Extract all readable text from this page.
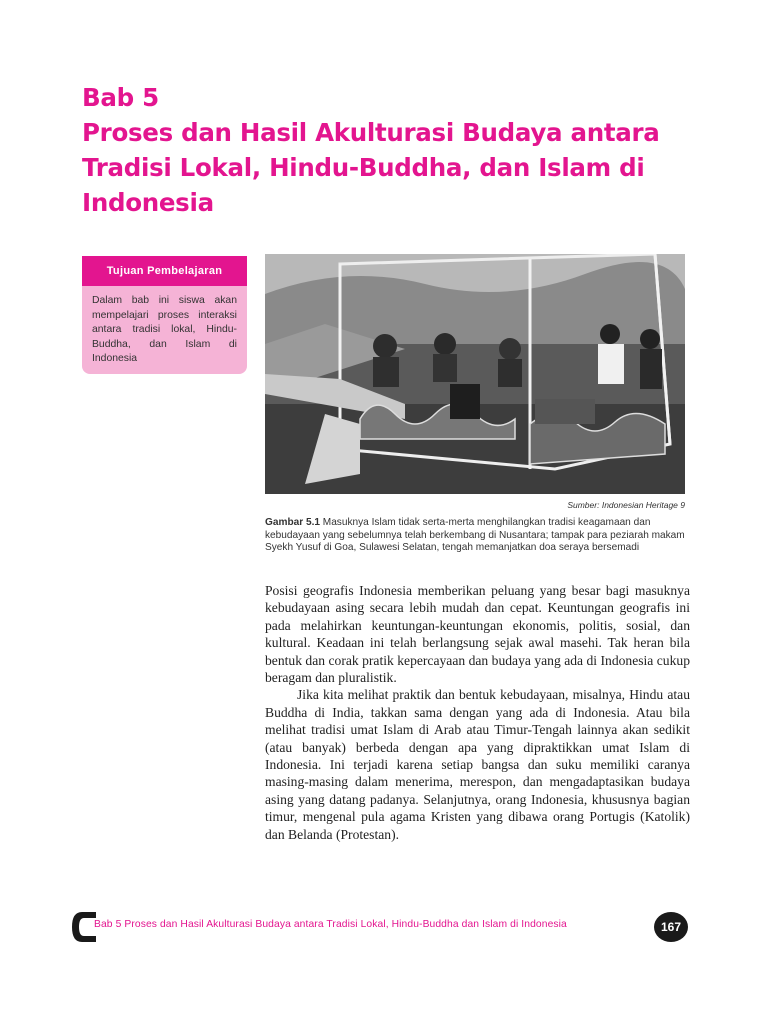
Bab 5
Proses dan Hasil Akulturasi Budaya antara
Tradisi Lokal, Hindu-Buddha, dan Islam di
Indonesia
Tujuan Pembelajaran
Dalam bab ini siswa akan mempelajari proses interaksi antara tradisi lokal, Hindu-Buddha, dan Islam di Indonesia
Sumber: Indonesian Heritage 9
Gambar 5.1 Masuknya Islam tidak serta-merta menghilangkan tradisi keagamaan dan kebudayaan yang sebelumnya telah berkembang di Nusantara; tampak para peziarah makam Syekh Yusuf di Goa, Sulawesi Selatan, tengah memanjatkan doa seraya bersemadi

Posisi geografis Indonesia memberikan peluang yang besar bagi masuknya kebudayaan asing secara lebih mudah dan cepat. Keuntungan geografis ini pada melahirkan keuntungan-keuntungan ekonomis, politis, sosial, dan kultural. Keadaan ini telah berlangsung sejak awal masehi. Tak heran bila bentuk dan corak pratik kepercayaan dan budaya yang ada di Indonesia cukup beragam dan pluralistik.

Jika kita melihat praktik dan bentuk kebudayaan, misalnya, Hindu atau Buddha di India, takkan sama dengan yang ada di Indonesia. Atau bila melihat tradisi umat Islam di Arab atau Timur-Tengah lainnya akan sedikit (atau banyak) berbeda dengan apa yang dipraktikkan umat Islam di Indonesia. Ini terjadi karena setiap bangsa dan suku memiliki caranya masing-masing dalam menerima, merespon, dan mengadaptasikan budaya asing yang datang padanya. Selanjutnya, orang Indonesia, khususnya bagian timur, mengenal pula agama Kristen yang dibawa orang Portugis (Katolik) dan Belanda (Protestan).

Bab 5 Proses dan Hasil Akulturasi Budaya antara Tradisi Lokal, Hindu-Buddha dan Islam di Indonesia	167
